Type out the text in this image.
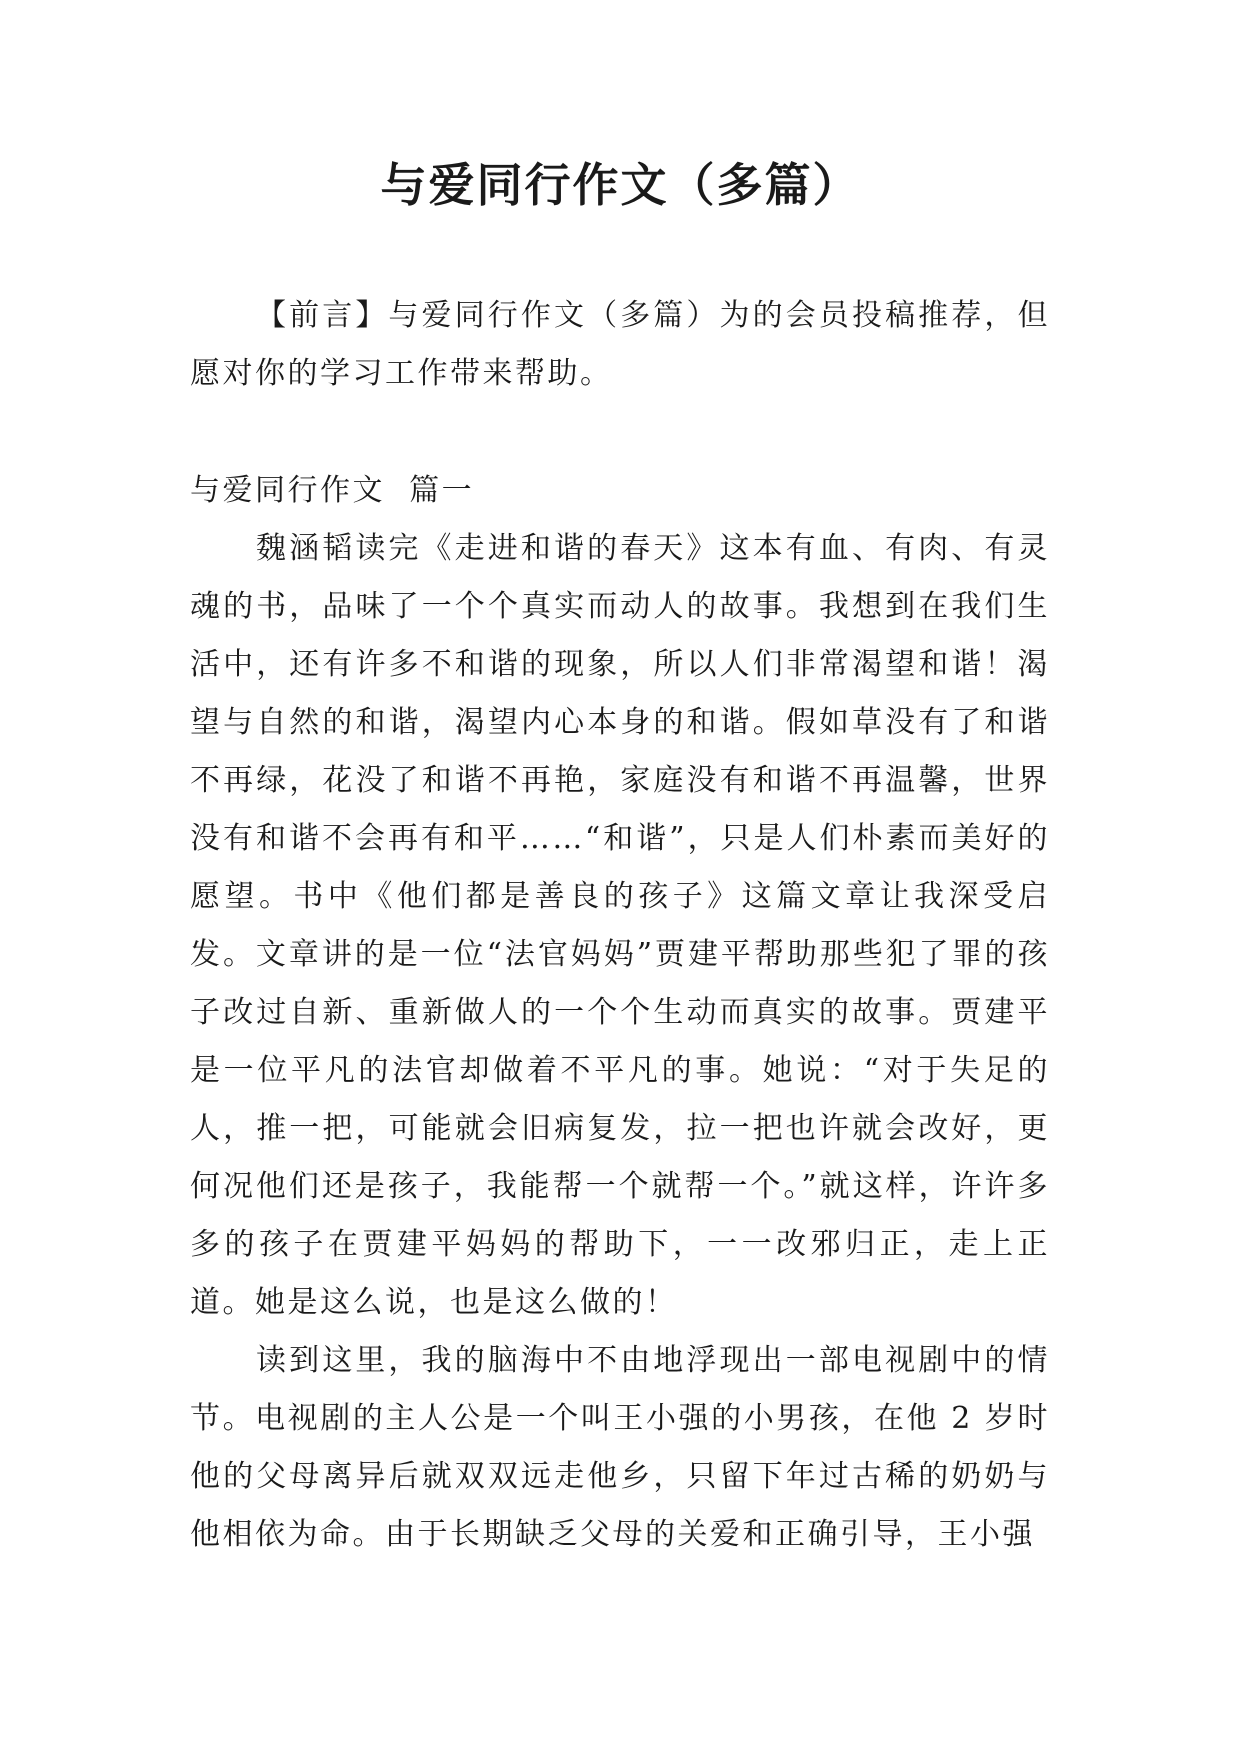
与爱同行作文（多篇）

【前言】与爱同行作文（多篇）为的会员投稿推荐，但愿对你的学习工作带来帮助。

与爱同行作文  篇一

魏涵韬读完《走进和谐的春天》这本有血、有肉、有灵魂的书，品味了一个个真实而动人的故事。我想到在我们生活中，还有许多不和谐的现象，所以人们非常渴望和谐！渴望与自然的和谐，渴望内心本身的和谐。假如草没有了和谐不再绿，花没了和谐不再艳，家庭没有和谐不再温馨，世界没有和谐不会再有和平……“和谐”，只是人们朴素而美好的愿望。书中《他们都是善良的孩子》这篇文章让我深受启发。文章讲的是一位“法官妈妈”贾建平帮助那些犯了罪的孩子改过自新、重新做人的一个个生动而真实的故事。贾建平是一位平凡的法官却做着不平凡的事。她说：“对于失足的人，推一把，可能就会旧病复发，拉一把也许就会改好，更何况他们还是孩子，我能帮一个就帮一个。”就这样，许许多多的孩子在贾建平妈妈的帮助下，一一改邪归正，走上正道。她是这么说，也是这么做的！

读到这里，我的脑海中不由地浮现出一部电视剧中的情节。电视剧的主人公是一个叫王小强的小男孩，在他 2 岁时他的父母离异后就双双远走他乡，只留下年过古稀的奶奶与他相依为命。由于长期缺乏父母的关爱和正确引导，王小强
